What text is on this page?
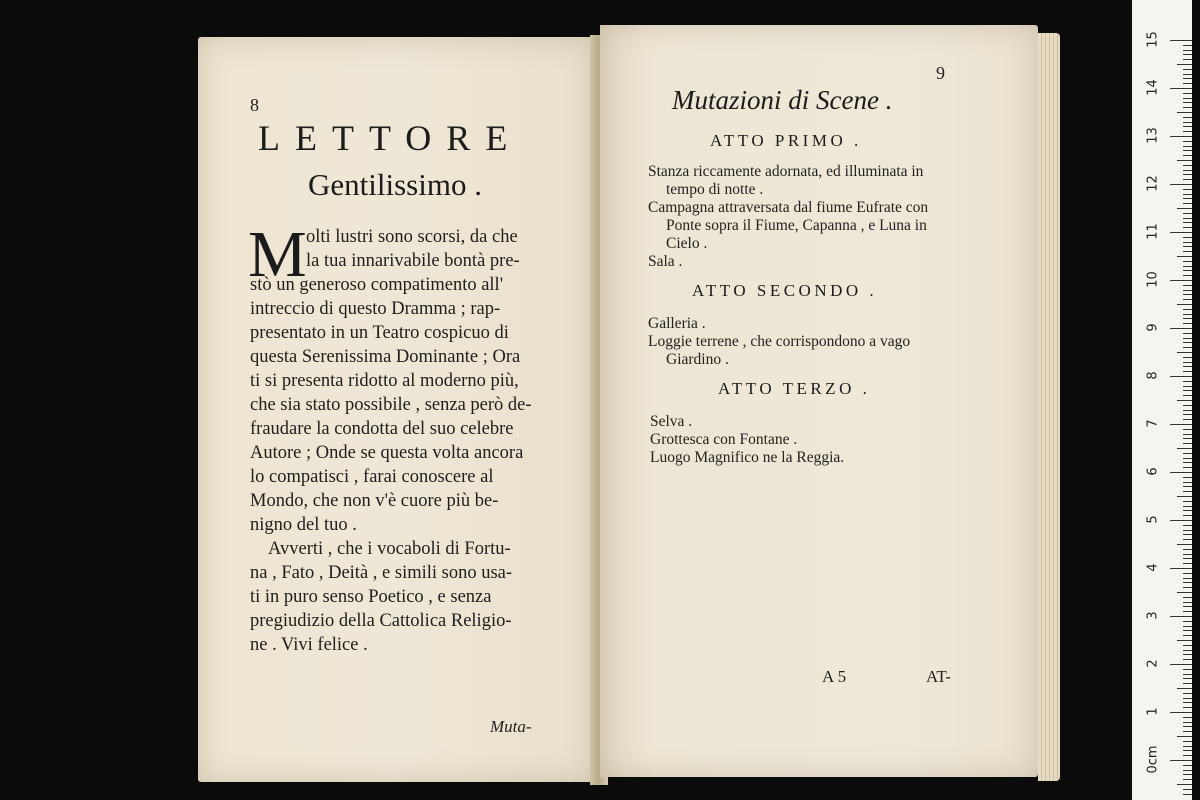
8
LETTORE
Gentilissimo .
M olti lustri sono scorsi, da che
la tua innarivabile bontà pre-
stò un generoso compatimento all'
intreccio di questo Dramma ; rap-
presentato in un Teatro cospicuo di
questa Serenissima Dominante ; Ora
ti si presenta ridotto al moderno più,
che sia stato possibile , senza però de-
fraudare la condotta del suo celebre
Autore ; Onde se questa volta ancora
lo compatisci , farai conoscere al
Mondo, che non v'è cuore più be-
nigno del tuo .
Avverti , che i vocaboli di Fortu-
na , Fato , Deità , e simili sono usa-
ti in puro senso Poetico , e senza
pregiudizio della Cattolica Religio-
ne . Vivi felice .
Muta-
9
Mutazioni di Scene .
ATTO PRIMO .
Stanza riccamente adornata, ed illuminata in
tempo di notte .
Campagna attraversata dal fiume Eufrate con
Ponte sopra il Fiume, Capanna , e Luna in
Cielo .
Sala .
ATTO SECONDO .
Galleria .
Loggie terrene , che corrispondono a vago
Giardino .
ATTO TERZO .
Selva .
Grottesca con Fontane .
Luogo Magnifico ne la Reggia.
A 5	AT-
15
14
13
12
11
10
9
8
7
6
5
4
3
2
1
0cm
